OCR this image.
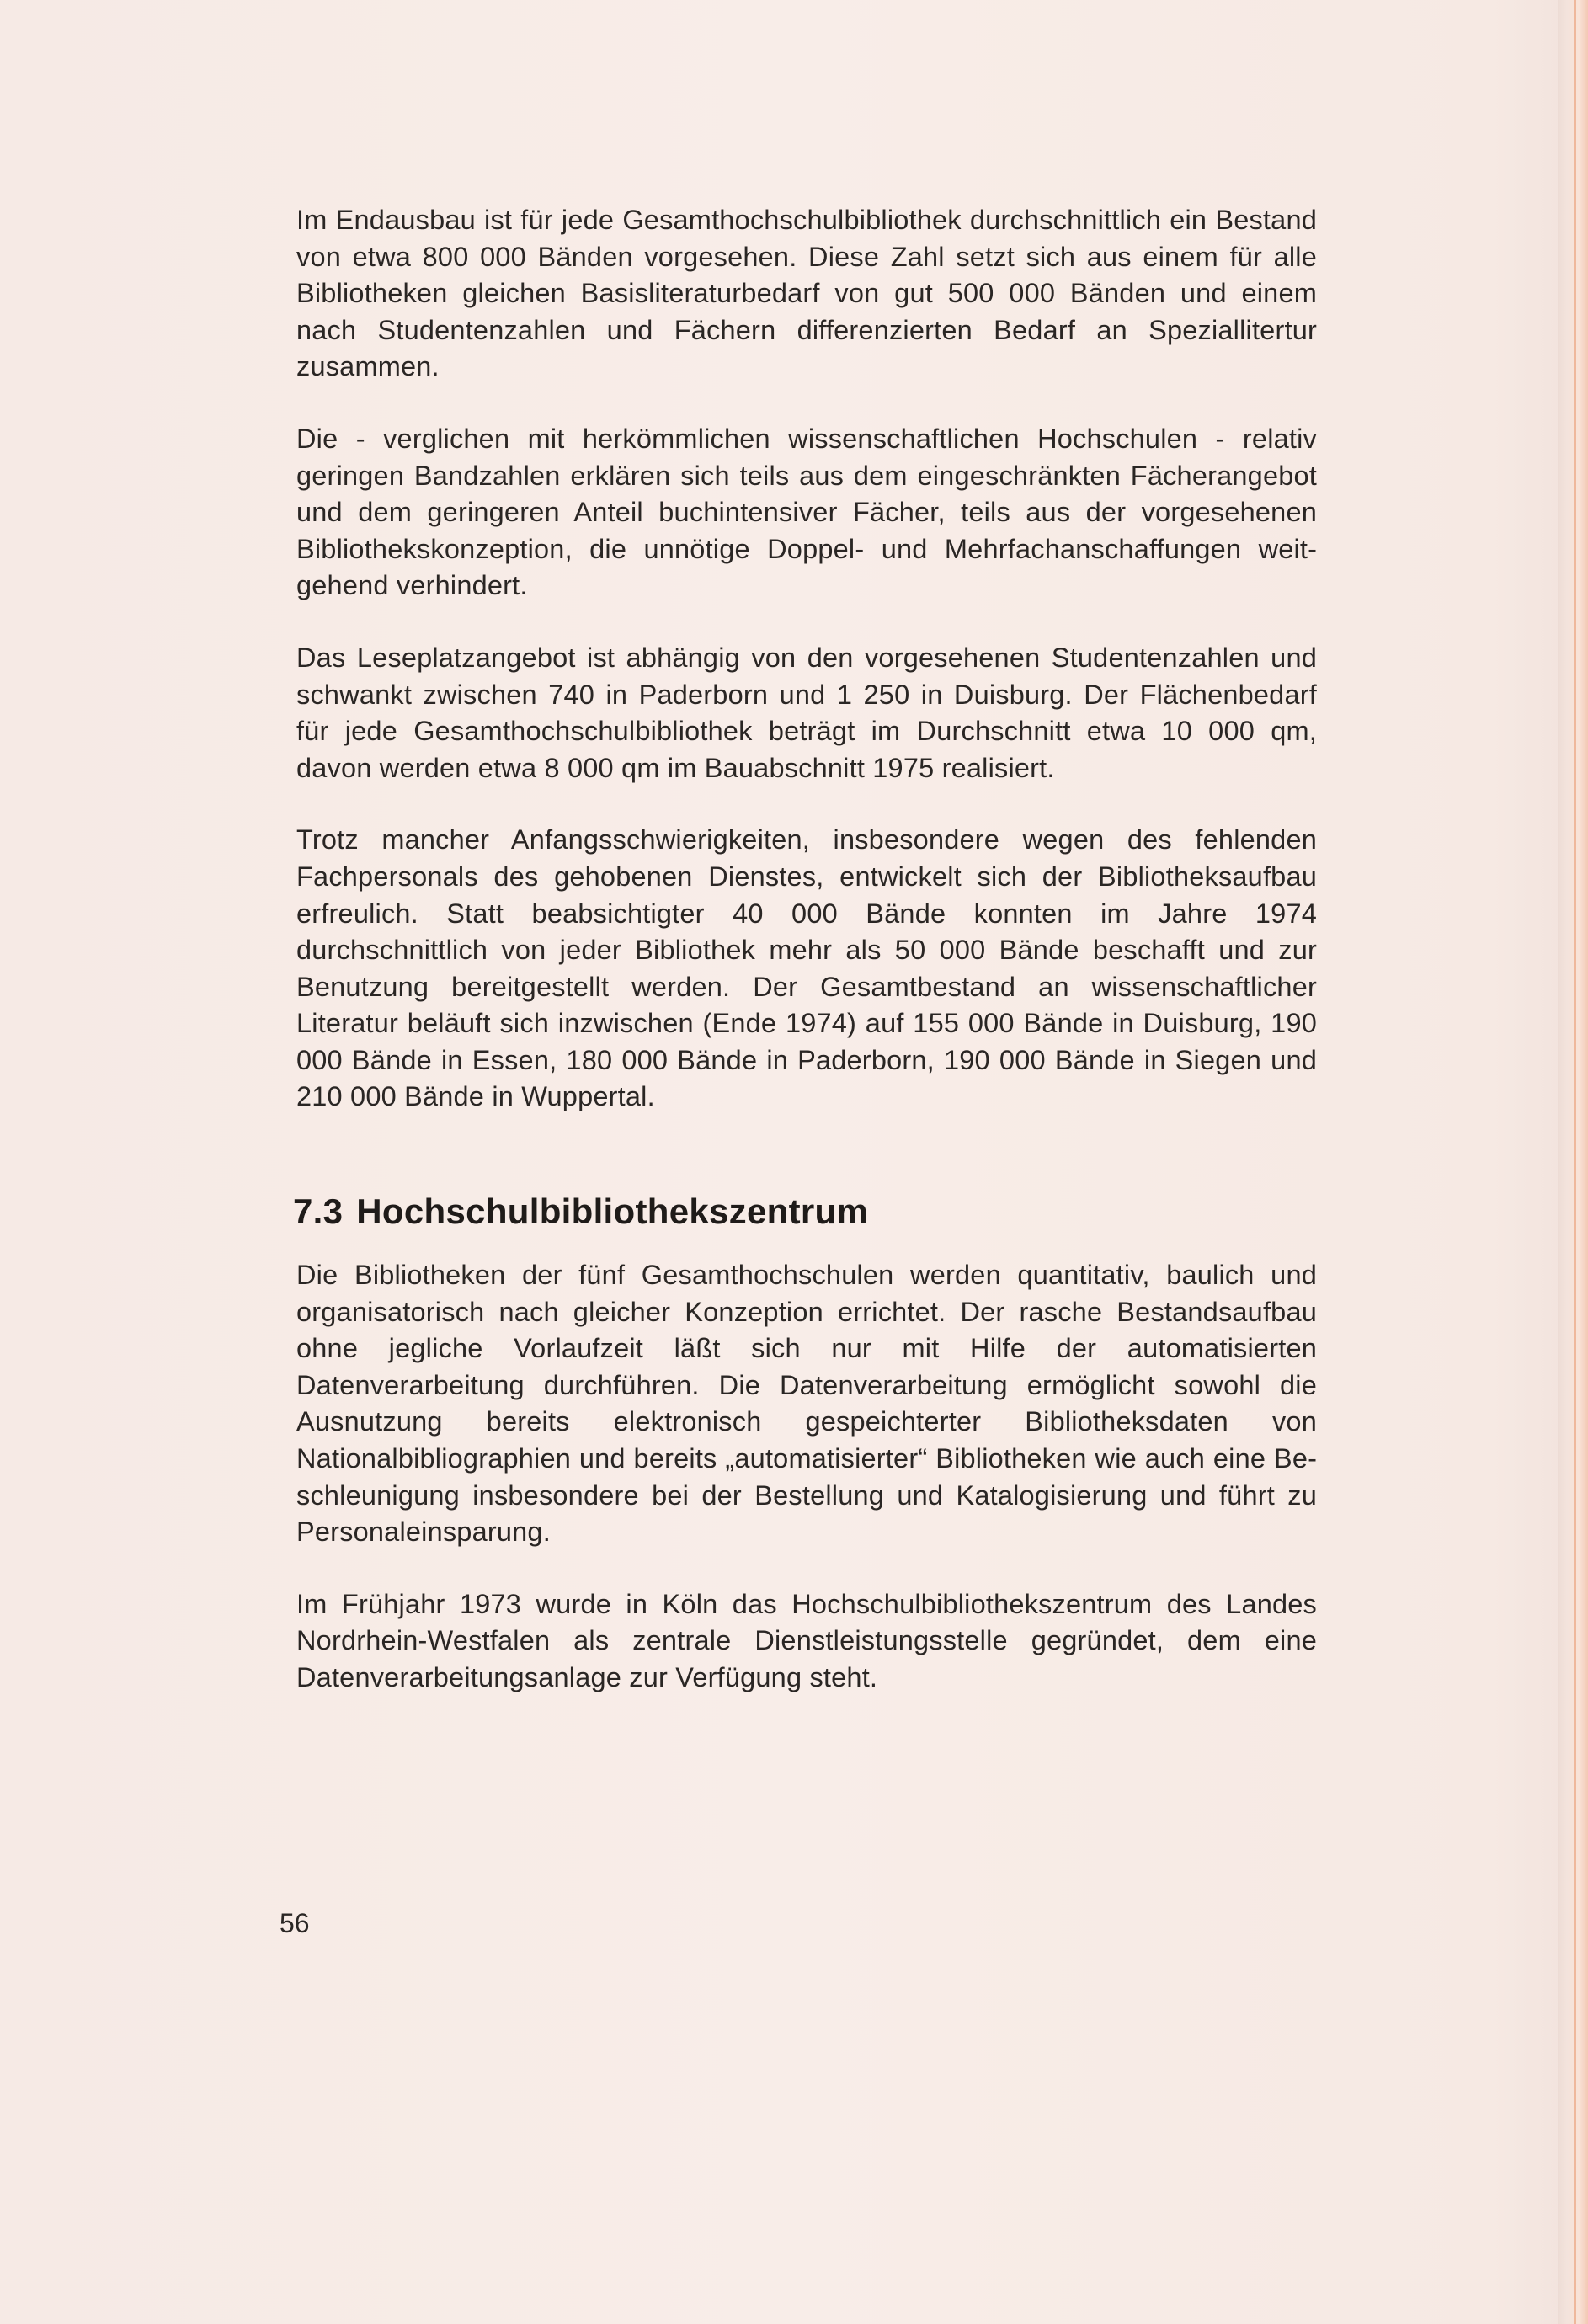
Im Endausbau ist für jede Gesamthochschulbibliothek durchschnittlich ein Bestand von etwa 800 000 Bänden vorgesehen. Diese Zahl setzt sich aus einem für alle Bibliotheken gleichen Basisliteraturbedarf von gut 500 000 Bänden und einem nach Studentenzahlen und Fächern differenzierten Bedarf an Speziallitertur zusammen.

Die - verglichen mit herkömmlichen wissenschaftlichen Hochschulen - relativ geringen Bandzahlen erklären sich teils aus dem eingeschränkten Fächerangebot und dem geringeren Anteil buchintensiver Fächer, teils aus der vorgesehenen Bibliothekskonzeption, die unnötige Doppel- und Mehrfachanschaffungen weitgehend verhindert.

Das Leseplatzangebot ist abhängig von den vorgesehenen Studentenzahlen und schwankt zwischen 740 in Paderborn und 1 250 in Duisburg. Der Flächenbedarf für jede Gesamthochschulbibliothek beträgt im Durchschnitt etwa 10 000 qm, davon werden etwa 8 000 qm im Bauabschnitt 1975 realisiert.

Trotz mancher Anfangsschwierigkeiten, insbesondere wegen des fehlenden Fachpersonals des gehobenen Dienstes, entwickelt sich der Bibliotheksaufbau erfreulich. Statt beabsichtigter 40 000 Bände konnten im Jahre 1974 durchschnittlich von jeder Bibliothek mehr als 50 000 Bände beschafft und zur Benutzung bereitgestellt werden. Der Gesamtbestand an wissenschaftlicher Literatur beläuft sich inzwischen (Ende 1974) auf 155 000 Bände in Duisburg, 190 000 Bände in Essen, 180 000 Bände in Paderborn, 190 000 Bände in Siegen und 210 000 Bände in Wuppertal.

7.3 Hochschulbibliothekszentrum

Die Bibliotheken der fünf Gesamthochschulen werden quantitativ, baulich und organisatorisch nach gleicher Konzeption errichtet. Der rasche Bestandsaufbau ohne jegliche Vorlaufzeit läßt sich nur mit Hilfe der automatisierten Datenverarbeitung durchführen. Die Datenverarbeitung ermöglicht sowohl die Ausnutzung bereits elektronisch gespeichterter Bibliotheksdaten von Nationalbibliographien und bereits „automatisierter“ Bibliotheken wie auch eine Beschleunigung insbesondere bei der Bestellung und Katalogisierung und führt zu Personaleinsparung.

Im Frühjahr 1973 wurde in Köln das Hochschulbibliothekszentrum des Landes Nordrhein-Westfalen als zentrale Dienstleistungsstelle gegründet, dem eine Datenverarbeitungsanlage zur Verfügung steht.

56
